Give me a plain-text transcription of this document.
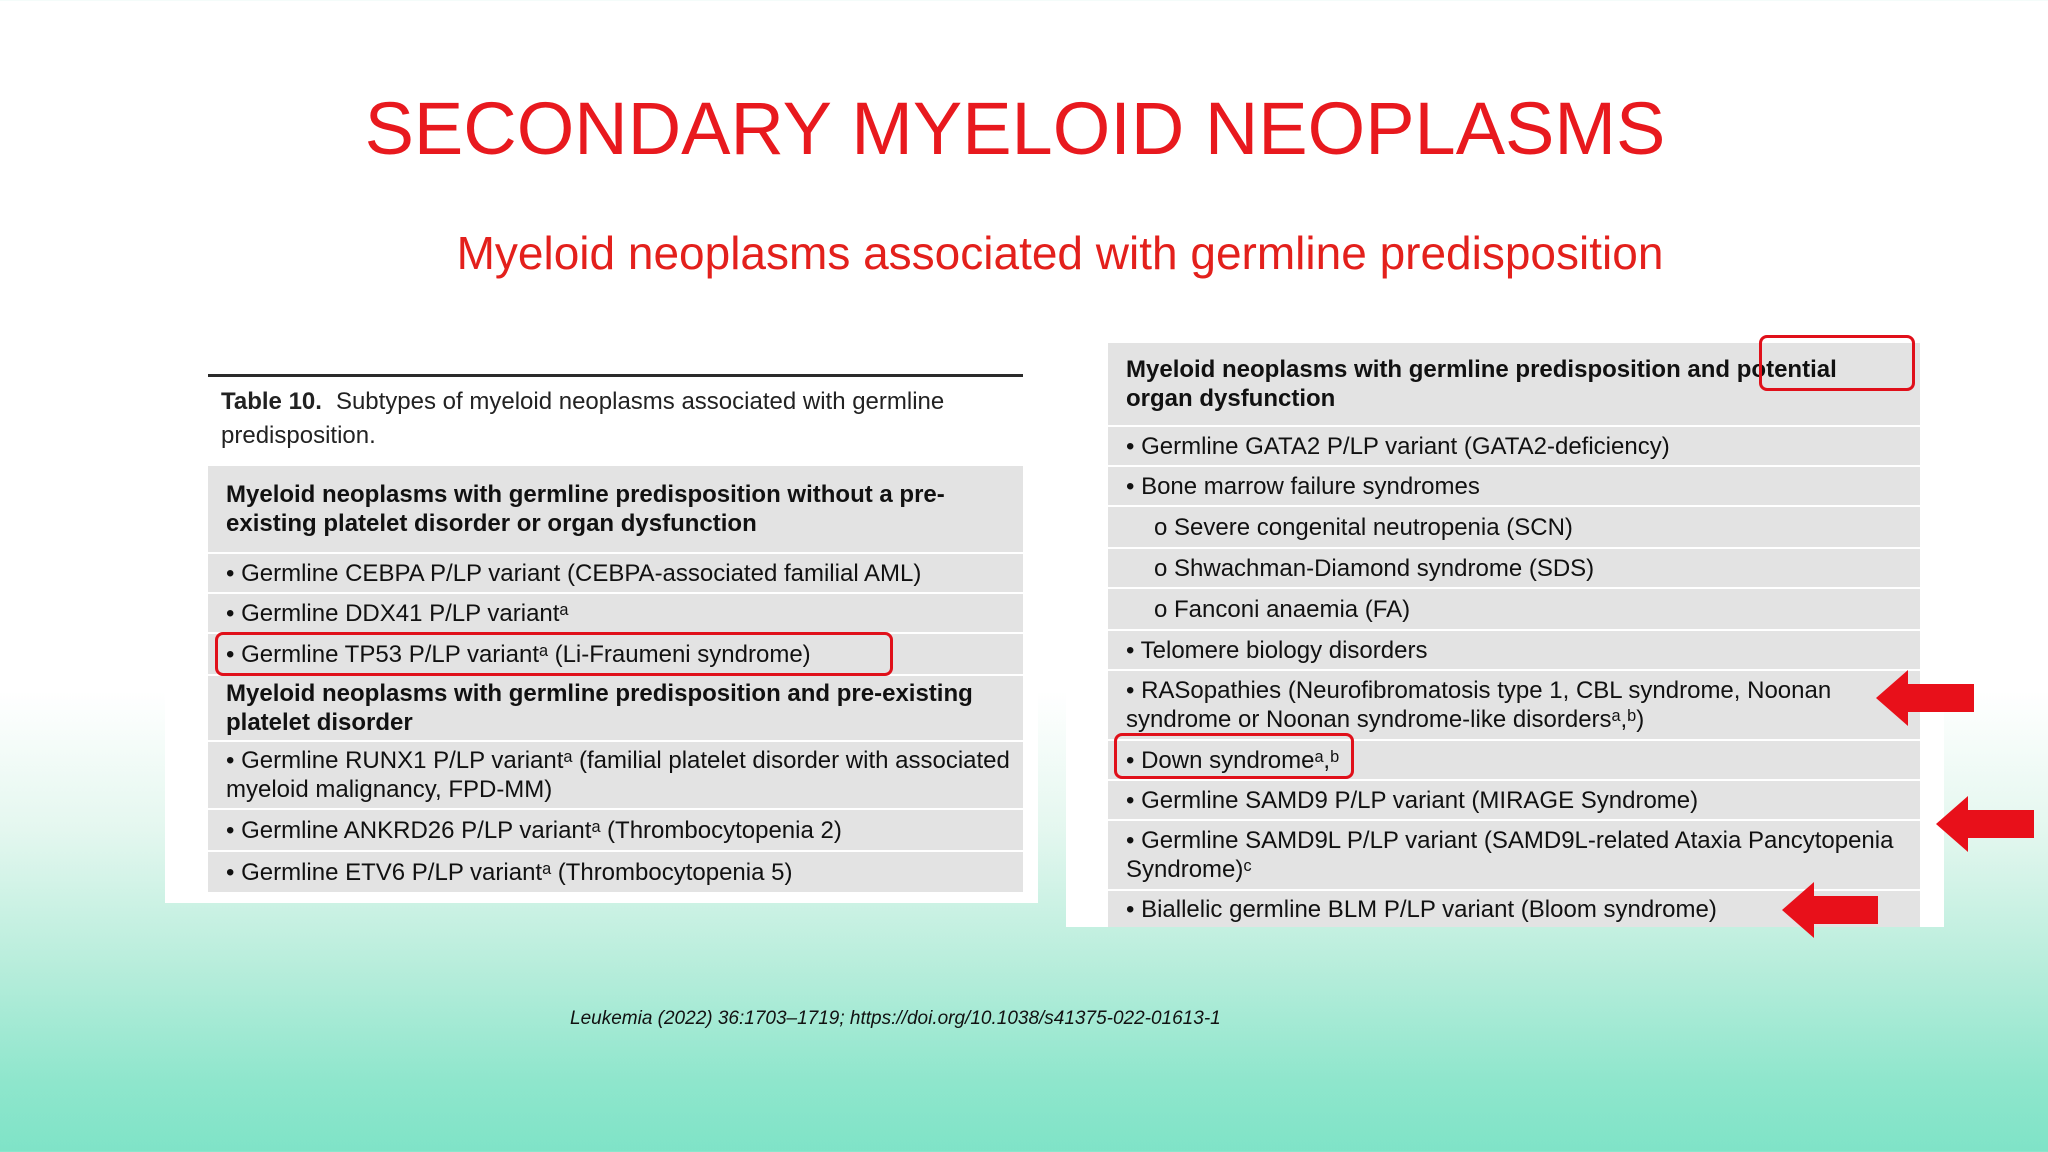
SECONDARY MYELOID NEOPLASMS
Myeloid neoplasms associated with germline predisposition
Table 10. Subtypes of myeloid neoplasms associated with germline predisposition.
Myeloid neoplasms with germline predisposition without a pre-existing platelet disorder or organ dysfunction
• Germline CEBPA P/LP variant (CEBPA-associated familial AML)
• Germline DDX41 P/LP variantᵃ
• Germline TP53 P/LP variantᵃ (Li-Fraumeni syndrome)
Myeloid neoplasms with germline predisposition and pre-existing platelet disorder
• Germline RUNX1 P/LP variantᵃ (familial platelet disorder with associated myeloid malignancy, FPD-MM)
• Germline ANKRD26 P/LP variantᵃ (Thrombocytopenia 2)
• Germline ETV6 P/LP variantᵃ (Thrombocytopenia 5)
Myeloid neoplasms with germline predisposition and potential organ dysfunction
• Germline GATA2 P/LP variant (GATA2-deficiency)
• Bone marrow failure syndromes
o Severe congenital neutropenia (SCN)
o Shwachman-Diamond syndrome (SDS)
o Fanconi anaemia (FA)
• Telomere biology disorders
• RASopathies (Neurofibromatosis type 1, CBL syndrome, Noonan syndrome or Noonan syndrome-like disordersᵃ,ᵇ)
• Down syndromeᵃ,ᵇ
• Germline SAMD9 P/LP variant (MIRAGE Syndrome)
• Germline SAMD9L P/LP variant (SAMD9L-related Ataxia Pancytopenia Syndrome)ᶜ
• Biallelic germline BLM P/LP variant (Bloom syndrome)
Leukemia (2022) 36:1703–1719; https://doi.org/10.1038/s41375-022-01613-1
